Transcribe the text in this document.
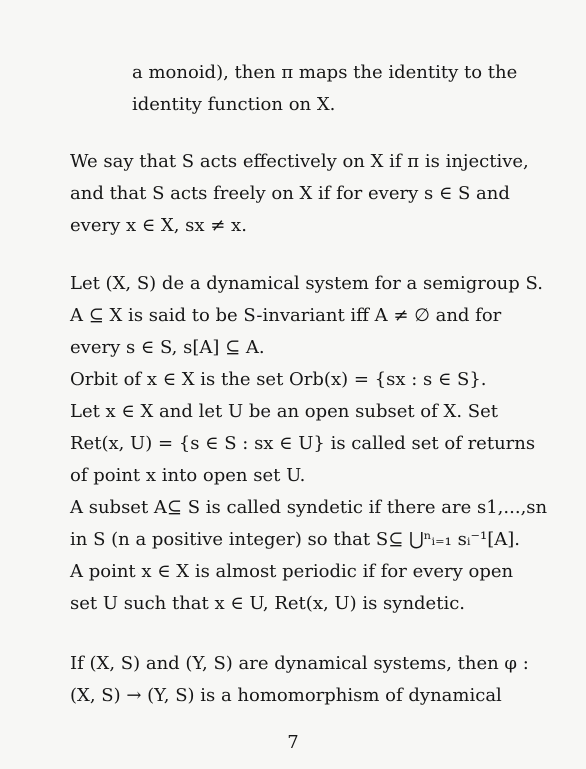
a monoid), then π maps the identity to the
identity function on X.
We say that S acts effectively on X if π is injective,
and that S acts freely on X if for every s ∈ S and
every x ∈ X, sx ≠ x.
Let (X, S) de a dynamical system for a semigroup S.
A ⊆ X is said to be S-invariant iff A ≠ ∅ and for
every s ∈ S, s[A] ⊆ A.
Orbit of x ∈ X is the set Orb(x) = {sx : s ∈ S}.
Let x ∈ X and let U be an open subset of X. Set
Ret(x, U) = {s ∈ S : sx ∈ U} is called set of returns
of point x into open set U.
A subset A⊆ S is called syndetic if there are s1,...,sn
in S (n a positive integer) so that S⊆ ⋃ⁿᵢ₌₁ sᵢ⁻¹[A].
A point x ∈ X is almost periodic if for every open
set U such that x ∈ U, Ret(x, U) is syndetic.
If (X, S) and (Y, S) are dynamical systems, then φ :
(X, S) → (Y, S) is a homomorphism of dynamical
7
